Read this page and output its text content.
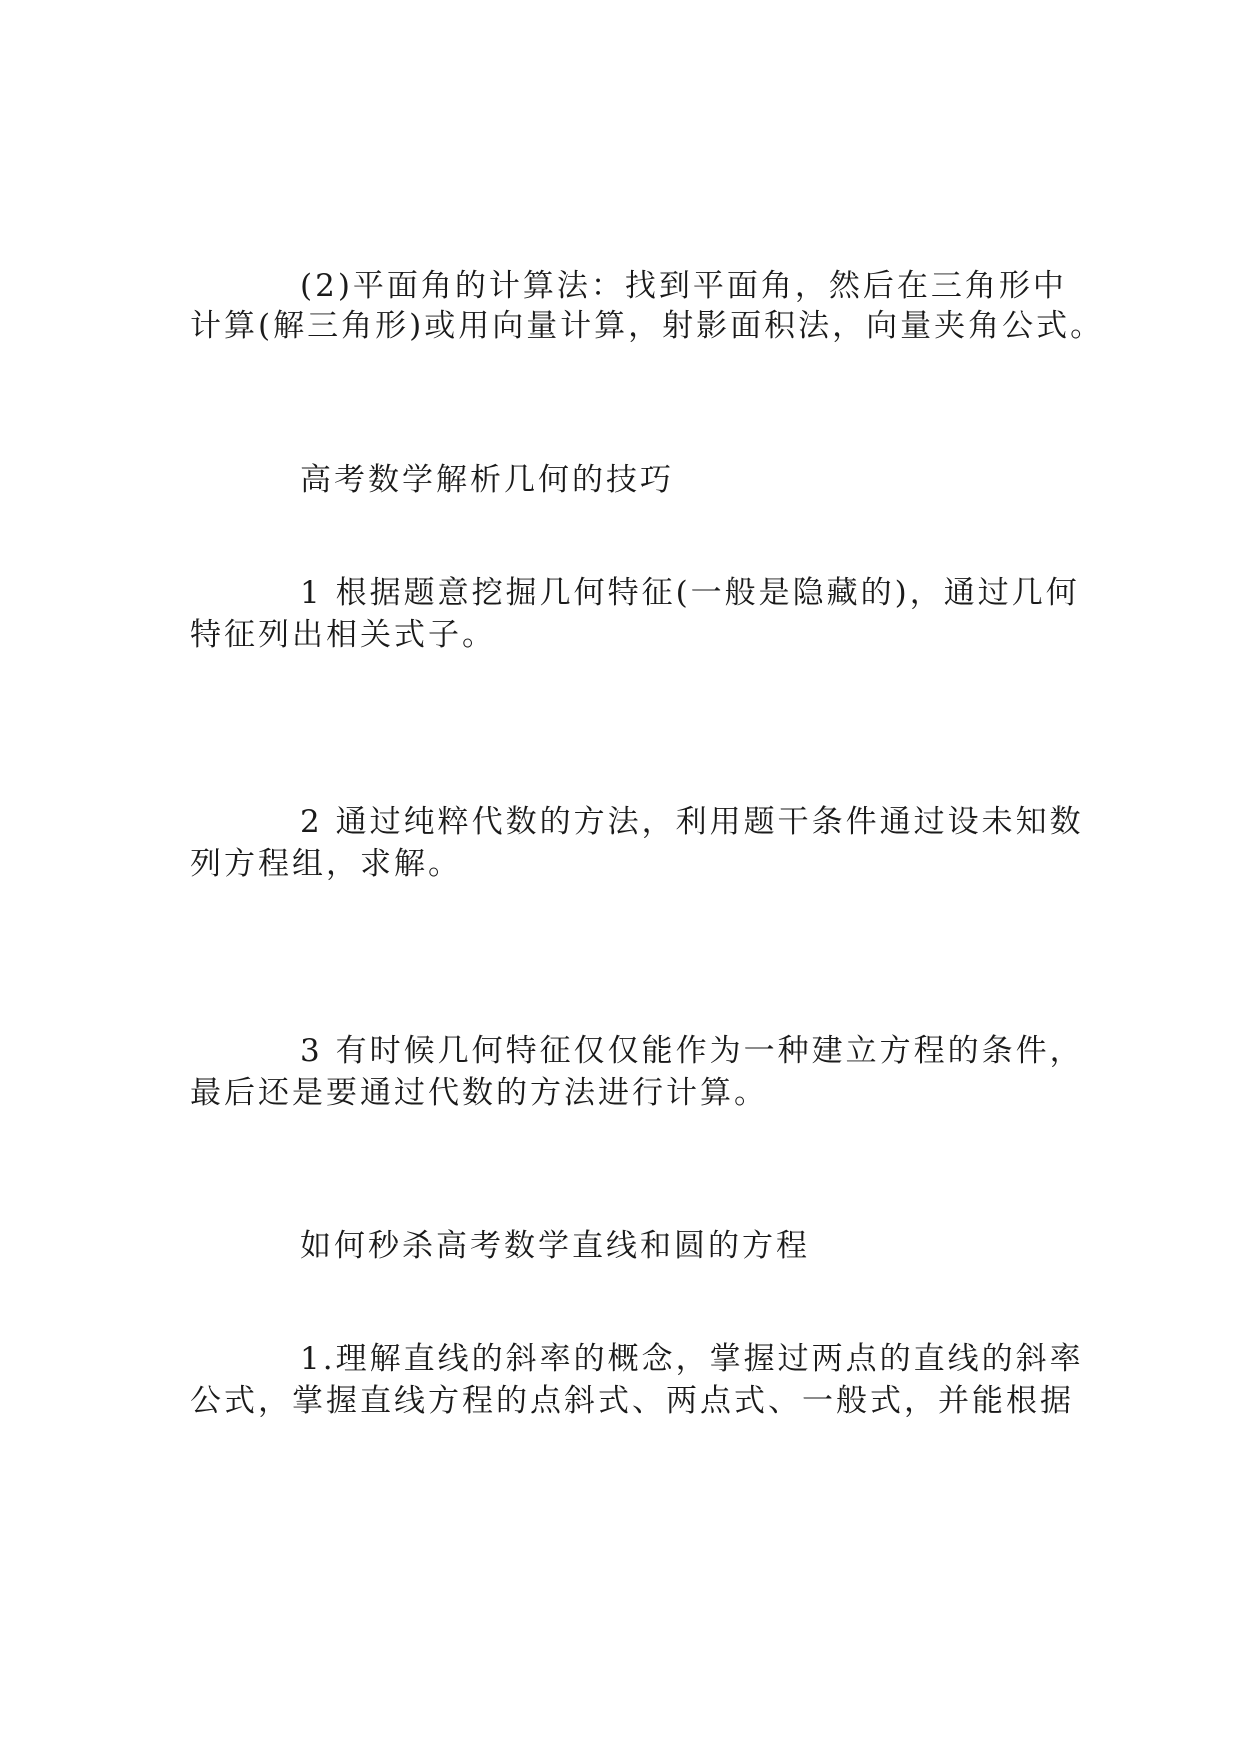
(2)平面角的计算法：找到平面角，然后在三角形中
计算(解三角形)或用向量计算，射影面积法，向量夹角公式。
高考数学解析几何的技巧
1 根据题意挖掘几何特征(一般是隐藏的)，通过几何
特征列出相关式子。
2 通过纯粹代数的方法，利用题干条件通过设未知数
列方程组，求解。
3 有时候几何特征仅仅能作为一种建立方程的条件，
最后还是要通过代数的方法进行计算。
如何秒杀高考数学直线和圆的方程
1.理解直线的斜率的概念，掌握过两点的直线的斜率
公式，掌握直线方程的点斜式、两点式、一般式，并能根据
